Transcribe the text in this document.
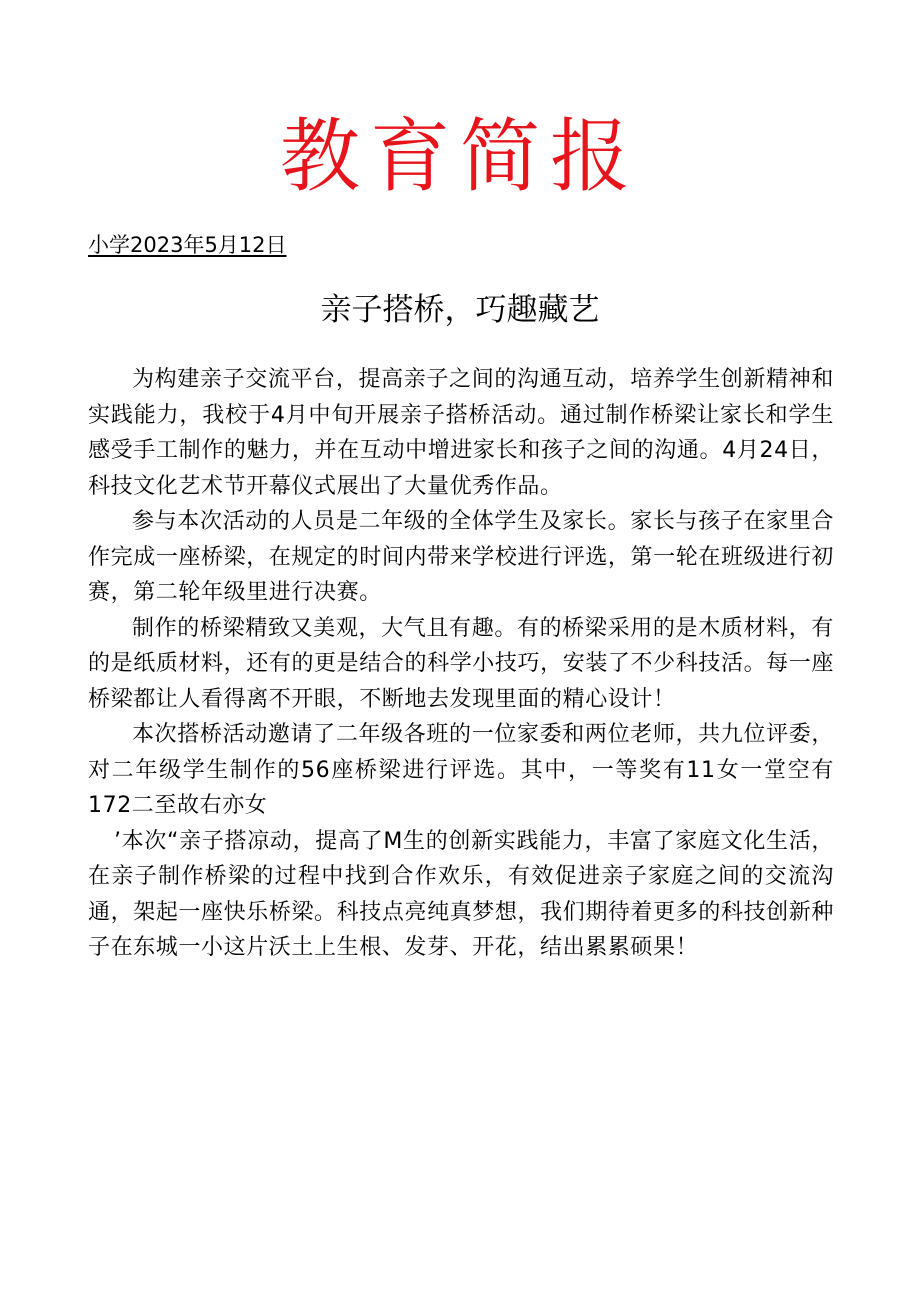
教育简报
小学2023年5月12日
亲子搭桥，巧趣藏艺

为构建亲子交流平台，提高亲子之间的沟通互动，培养学生创新精神和实践能力，我校于4月中旬开展亲子搭桥活动。通过制作桥梁让家长和学生感受手工制作的魅力，并在互动中增进家长和孩子之间的沟通。4月24日，科技文化艺术节开幕仪式展出了大量优秀作品。

参与本次活动的人员是二年级的全体学生及家长。家长与孩子在家里合作完成一座桥梁，在规定的时间内带来学校进行评选，第一轮在班级进行初赛，第二轮年级里进行决赛。

制作的桥梁精致又美观，大气且有趣。有的桥梁采用的是木质材料，有的是纸质材料，还有的更是结合的科学小技巧，安装了不少科技活。每一座桥梁都让人看得离不开眼，不断地去发现里面的精心设计！

本次搭桥活动邀请了二年级各班的一位家委和两位老师，共九位评委，对二年级学生制作的56座桥梁进行评选。其中，一等奖有11女一堂空有172二至故右亦女

’本次“亲子搭凉动，提高了M生的创新实践能力，丰富了家庭文化生活，在亲子制作桥梁的过程中找到合作欢乐，有效促进亲子家庭之间的交流沟通，架起一座快乐桥梁。科技点亮纯真梦想，我们期待着更多的科技创新种子在东城一小这片沃土上生根、发芽、开花，结出累累硕果！
